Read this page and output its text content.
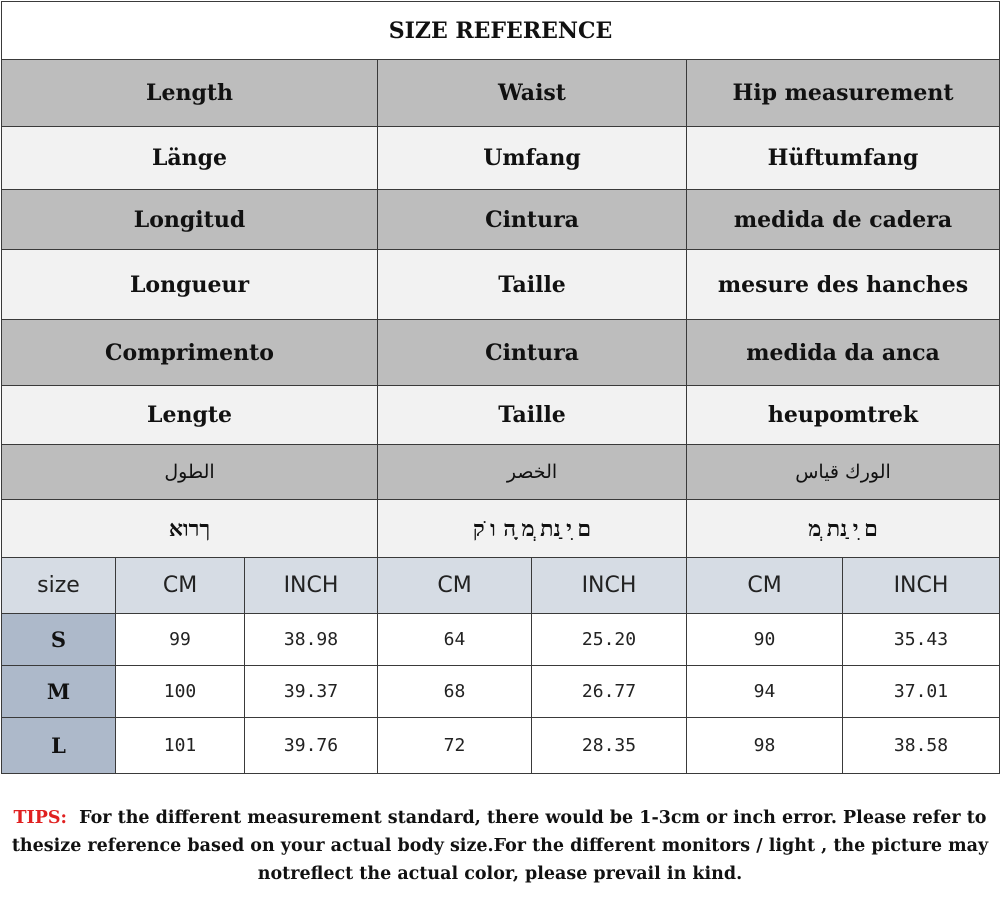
SIZE REFERENCE						
Length			Waist		Hip measurement	
Länge			Umfang		Hüftumfang	
Longitud			Cintura		medida de cadera	
Longueur			Taille		mesure des hanches	
Comprimento			Cintura		medida da anca	
Lengte			Taille		heupomtrek	
الطول			الخصر		الورك قياس	
ךרוא			ם ִי ַנת ְמ ָה ו ֹק		ם ִי ַנת ְמ	
size	CM	INCH	CM	INCH	CM	INCH
S	99	38.98	64	25.20	90	35.43
M	100	39.37	68	26.77	94	37.01
L	101	39.76	72	28.35	98	38.58
TIPS: For the different measurement standard, there would be 1-3cm or inch error. Please refer to
thesize reference based on your actual body size.For the different monitors / light , the picture may
notreflect the actual color, please prevail in kind.
